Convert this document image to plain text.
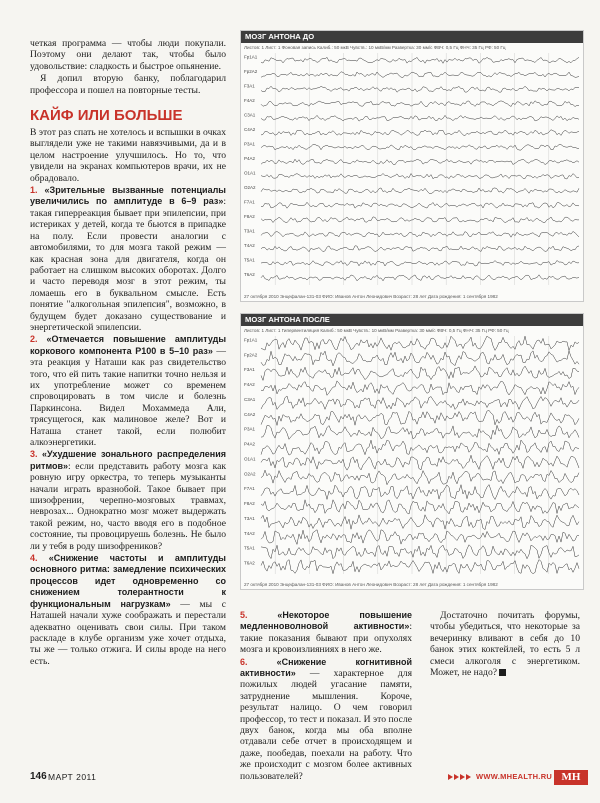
четкая программа — чтобы люди покупали. Поэтому они делают так, чтобы было удовольствие: сладкость и быстрое опьянение.

Я допил вторую банку, поблагодарил профессора и пошел на повторные тесты.

КАЙФ ИЛИ БОЛЬШЕ

В этот раз спать не хотелось и вспышки в очках выглядели уже не такими навязчивыми, да и в целом настроение улучшилось. Но то, что увидели на экранах компьютеров врачи, их не обрадовало.

1. «Зрительные вызванные потенциалы увеличились по амплитуде в 6–9 раз»: такая гиперреакция бывает при эпилепсии, при истериках у детей, когда те бьются в припадке на полу. Если провести аналогии с автомобилями, то для мозга такой режим — как красная зона для двигателя, когда он работает на слишком высоких оборотах. Долго и часто переводя мозг в этот режим, ты ломаешь его в буквальном смысле. Есть понятие "алкогольная эпилепсия", возможно, в будущем будет доказано существование и энергетической эпилепсии.

2. «Отмечается повышение амплитуды коркового компонента P100 в 5–10 раз» — эта реакция у Наташи как раз свидетельство того, что ей пить такие напитки точно нельзя и их употребление может со временем спровоцировать в том числе и болезнь Паркинсона. Видел Мохаммеда Али, трясущегося, как малиновое желе? Вот и Наташа станет такой, если полюбит алкоэнергетики.

3. «Ухудшение зонального распределения ритмов»: если представить работу мозга как ровную игру оркестра, то теперь музыканты начали играть вразнобой. Такое бывает при шизофрении, черепно-мозговых травмах, неврозах... Однократно мозг может выдержать такой режим, но, часто вводя его в подобное состояние, ты провоцируешь болезнь. Не было ли у тебя в роду шизофреников?

4. «Снижение частоты и амплитуды основного ритма: замедление психических процессов идет одновременно со снижением толерантности к функциональным нагрузкам» — мы с Наташей начали хуже соображать и перестали адекватно оценивать свои силы. При таком раскладе в клубе организм уже хочет отдыха, ты же — только отжига. И силы вроде на него есть.

5.	«Некоторое повышение медленноволновой активности»: такие показания бывают при опухолях мозга и кровоизлияниях в него же.

6.	«Снижение когнитивной активности» — характерное для пожилых людей угасание памяти, затруднение мышления. Короче, результат налицо. О чем говорил профессор, то тест и показал. И это после двух банок, когда мы оба вполне отдавали себе отчет в происходящем и даже, пообедав, поехали на работу. Что же происходит с мозгом более активных пользователей?

Достаточно почитать форумы, чтобы убедиться, что некоторые за вечеринку вливают в себя до 10 банок этих коктейлей, то есть 5 л смеси алкоголя с энергетиком. Может, не надо?

МОЗГ АНТОНА ДО
Листов: 1 Лист: 1 Фоновая запись Калиб.: 50 мкВ Чувств.: 10 мкВ/мм Развертка: 30 мм/с ФВЧ: 0,5 Гц ФНЧ: 35 Гц РФ: 50 Гц
Fp1A1
Fp2A2
F3A1
F4A2
C3A1
C4A2
P3A1
P4A2
O1A1
O2A2
F7A1
F8A2
T3A1
T4A2
T5A1
T6A2
27 октября 2010 Энцефалан-131-03 ФИО: Иванов Антон Леонидович Возраст: 28 лет Дата рождения: 1 сентября 1982
МОЗГ АНТОНА ПОСЛЕ
Листов: 1 Лист: 1 Гипервентиляция Калиб.: 50 мкВ Чувств.: 10 мкВ/мм Развертка: 30 мм/с ФВЧ: 0,5 Гц ФНЧ: 35 Гц РФ: 50 Гц
Fp1A1
Fp2A2
F3A1
F4A2
C3A1
C4A2
P3A1
P4A2
O1A1
O2A2
F7A1
F8A2
T3A1
T4A2
T5A1
T6A2
27 октября 2010 Энцефалан-131-03 ФИО: Иванов Антон Леонидович Возраст: 28 лет Дата рождения: 1 сентября 1982
146 МАРТ 2011	WWW.MHEALTH.RU MH
